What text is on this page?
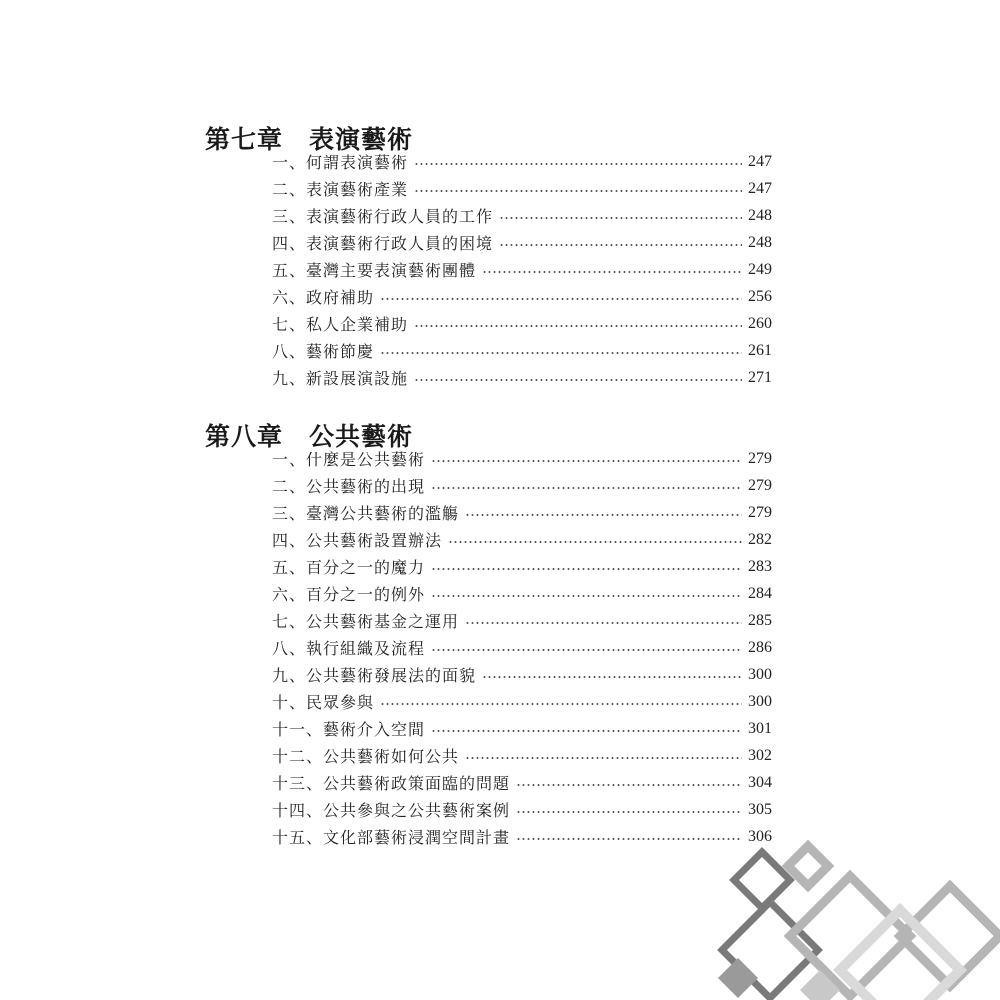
第七章 表演藝術
一、何謂表演藝術	247
二、表演藝術產業	247
三、表演藝術行政人員的工作	248
四、表演藝術行政人員的困境	248
五、臺灣主要表演藝術團體	249
六、政府補助	256
七、私人企業補助	260
八、藝術節慶	261
九、新設展演設施	271
第八章 公共藝術
一、什麼是公共藝術	279
二、公共藝術的出現	279
三、臺灣公共藝術的濫觴	279
四、公共藝術設置辦法	282
五、百分之一的魔力	283
六、百分之一的例外	284
七、公共藝術基金之運用	285
八、執行組織及流程	286
九、公共藝術發展法的面貌	300
十、民眾參與	300
十一、藝術介入空間	301
十二、公共藝術如何公共	302
十三、公共藝術政策面臨的問題	304
十四、公共參與之公共藝術案例	305
十五、文化部藝術浸潤空間計畫	306
